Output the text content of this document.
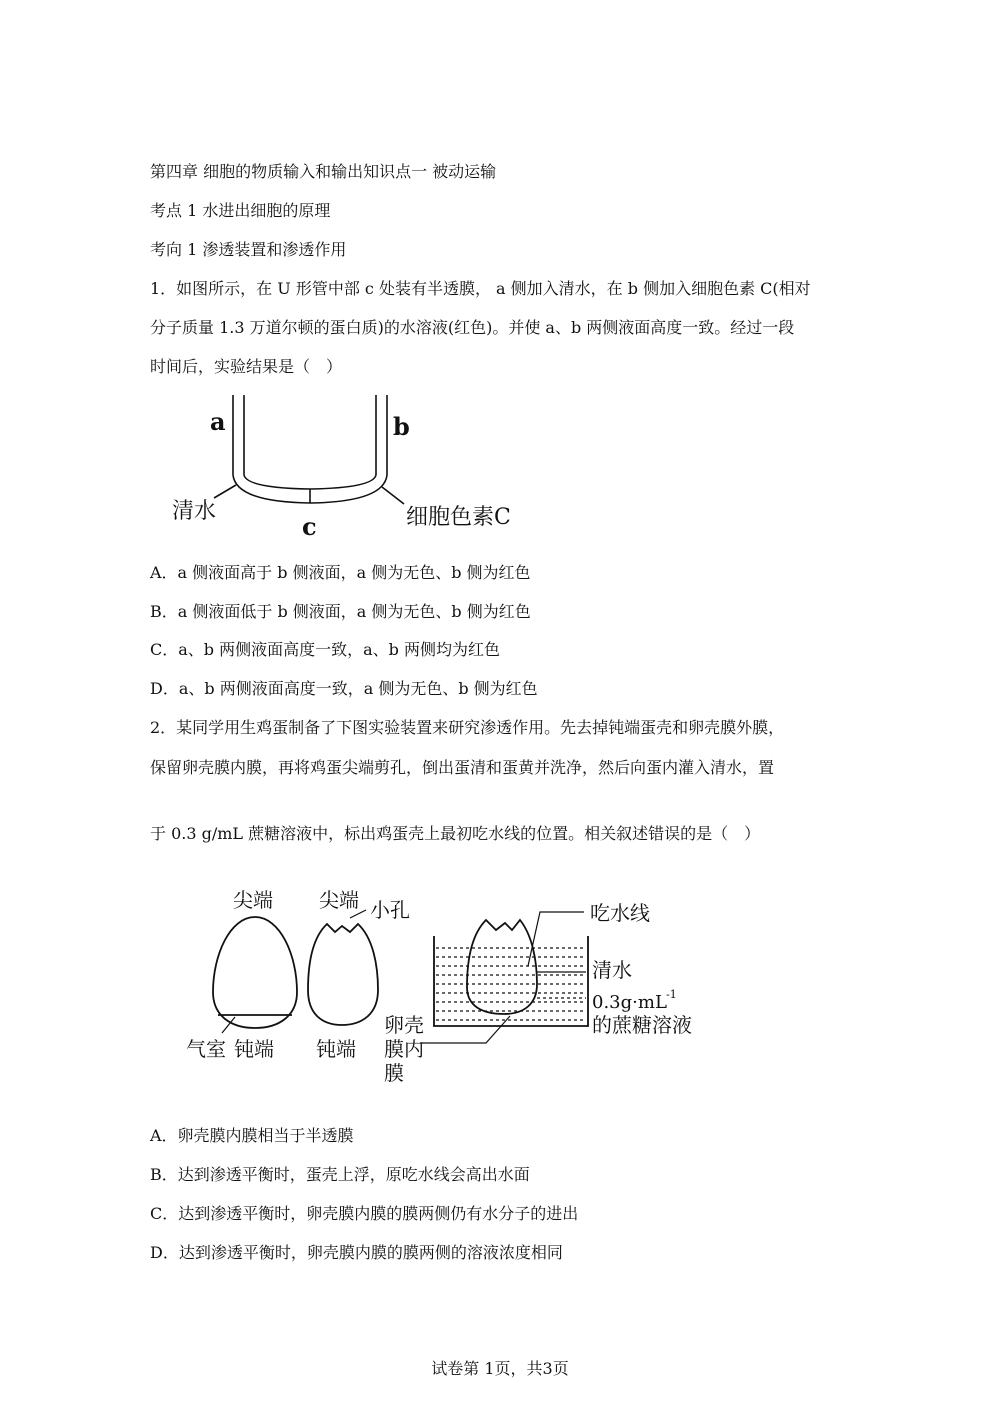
第四章 细胞的物质输入和输出知识点一 被动运输
考点 1 水进出细胞的原理
考向 1 渗透装置和渗透作用
1．如图所示，在 U 形管中部 c 处装有半透膜， a 侧加入清水，在 b 侧加入细胞色素 C(相对
分子质量 1.3 万道尔顿的蛋白质)的水溶液(红色)。并使 a、b 两侧液面高度一致。经过一段
时间后，实验结果是（　）
a	b
c
清水	细胞色素C
A．a 侧液面高于 b 侧液面，a 侧为无色、b 侧为红色
B．a 侧液面低于 b 侧液面，a 侧为无色、b 侧为红色
C．a、b 两侧液面高度一致，a、b 两侧均为红色
D．a、b 两侧液面高度一致，a 侧为无色、b 侧为红色
2．某同学用生鸡蛋制备了下图实验装置来研究渗透作用。先去掉钝端蛋壳和卵壳膜外膜，
保留卵壳膜内膜，再将鸡蛋尖端剪孔，倒出蛋清和蛋黄并洗净，然后向蛋内灌入清水，置
于 0.3 g/mL 蔗糖溶液中，标出鸡蛋壳上最初吃水线的位置。相关叙述错误的是（　）
尖端 尖端 小孔
气室 钝端 钝端
卵壳
膜内
膜
吃水线
清水
0.3g·mL -1
的蔗糖溶液
A．卵壳膜内膜相当于半透膜
B．达到渗透平衡时，蛋壳上浮，原吃水线会高出水面
C．达到渗透平衡时，卵壳膜内膜的膜两侧仍有水分子的进出
D．达到渗透平衡时，卵壳膜内膜的膜两侧的溶液浓度相同
试卷第 1页，共3页
